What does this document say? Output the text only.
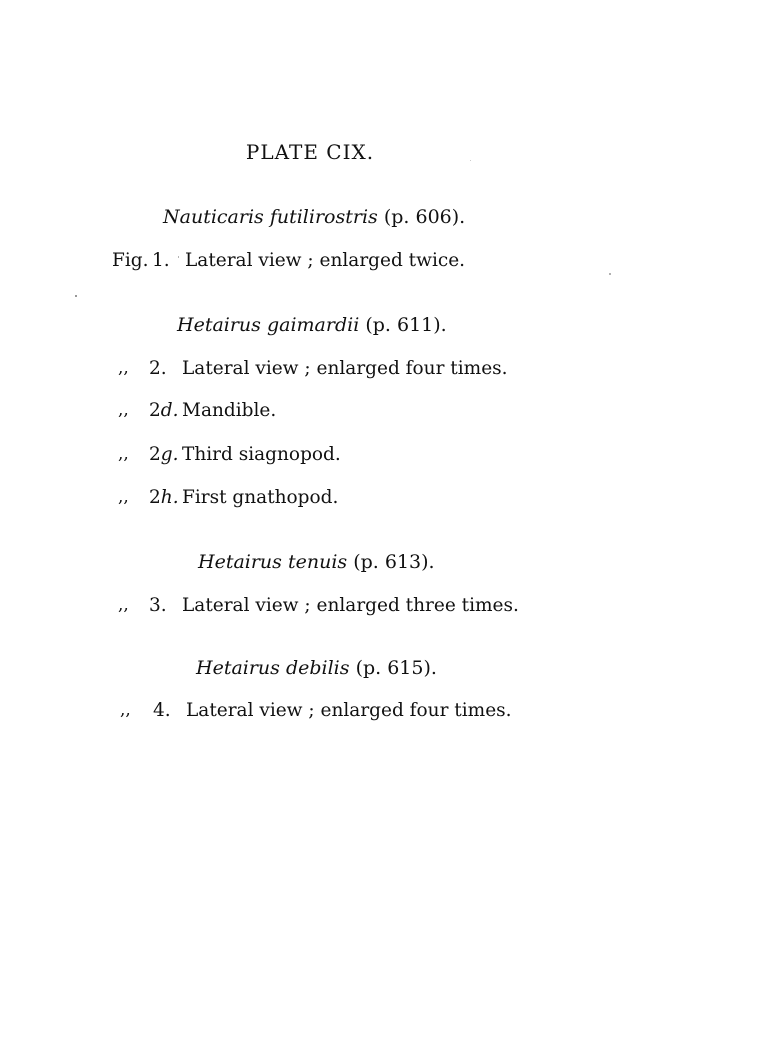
PLATE CIX.
Nauticaris futilirostris (p. 606).
Fig. 1. Lateral view ; enlarged twice.
Hetairus gaimardii (p. 611).
,, 2. Lateral view ; enlarged four times.
,, 2d. Mandible.
,, 2g. Third siagnopod.
,, 2h. First gnathopod.
Hetairus tenuis (p. 613).
,, 3. Lateral view ; enlarged three times.
Hetairus debilis (p. 615).
,, 4. Lateral view ; enlarged four times.
